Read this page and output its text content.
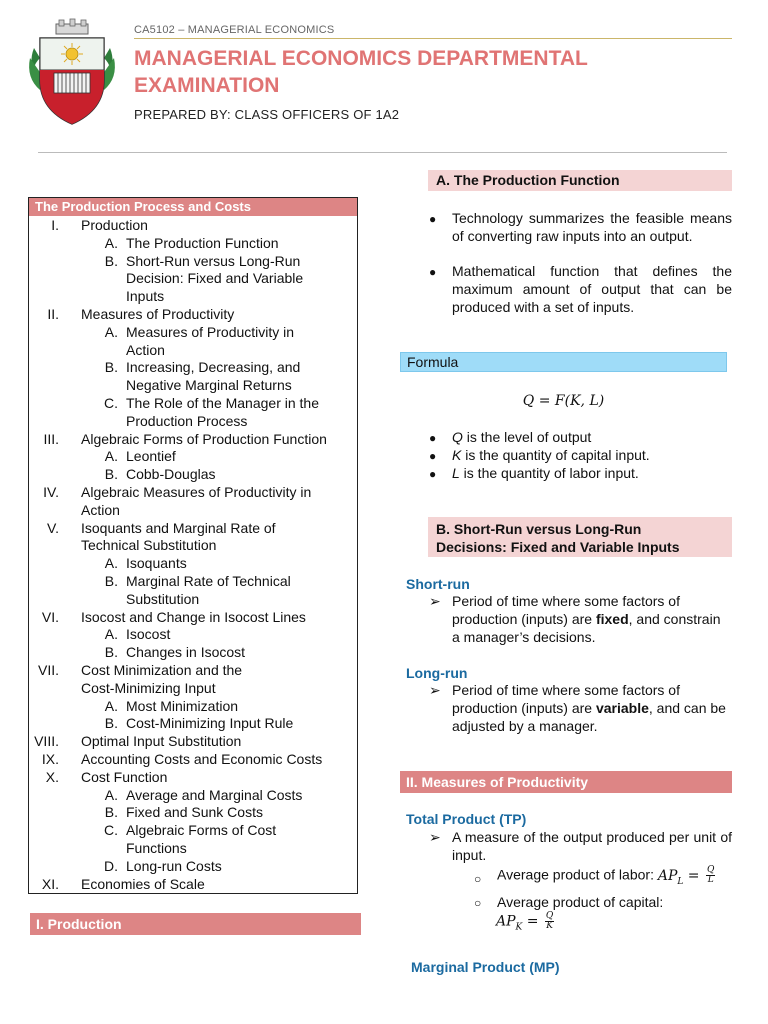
CA5102 – MANAGERIAL ECONOMICS
MANAGERIAL ECONOMICS DEPARTMENTAL EXAMINATION
PREPARED BY: CLASS OFFICERS OF 1A2
The Production Process and Costs
I. Production
A. The Production Function
B. Short-Run versus Long-Run
Decision: Fixed and Variable
Inputs
II. Measures of Productivity
A. Measures of Productivity in
Action
B. Increasing, Decreasing, and
Negative Marginal Returns
C. The Role of the Manager in the
Production Process
III. Algebraic Forms of Production Function
A. Leontief
B. Cobb-Douglas
IV. Algebraic Measures of Productivity in
Action
V. Isoquants and Marginal Rate of
Technical Substitution
A. Isoquants
B. Marginal Rate of Technical
Substitution
VI. Isocost and Change in Isocost Lines
A. Isocost
B. Changes in Isocost
VII. Cost Minimization and the
Cost-Minimizing Input
A. Most Minimization
B. Cost-Minimizing Input Rule
VIII. Optimal Input Substitution
IX. Accounting Costs and Economic Costs
X. Cost Function
A. Average and Marginal Costs
B. Fixed and Sunk Costs
C. Algebraic Forms of Cost
Functions
D. Long-run Costs
XI. Economies of Scale
I. Production
A. The Production Function
● Technology summarizes the feasible means of converting raw inputs into an output.
● Mathematical function that defines the maximum amount of output that can be produced with a set of inputs.
Formula
Q = F(K, L)
● Q is the level of output
● K is the quantity of capital input.
● L is the quantity of labor input.
B. Short-Run versus Long-Run
Decisions: Fixed and Variable Inputs
Short-run
➢ Period of time where some factors of production (inputs) are fixed, and constrain a manager’s decisions.
Long-run
➢ Period of time where some factors of production (inputs) are variable, and can be adjusted by a manager.
II. Measures of Productivity
Total Product (TP)
➢ A measure of the output produced per unit of input.
○ Average product of labor: $AP_L = \frac{Q}{L}$
○ Average product of capital:
$AP_K = \frac{Q}{K}$
Marginal Product (MP)
